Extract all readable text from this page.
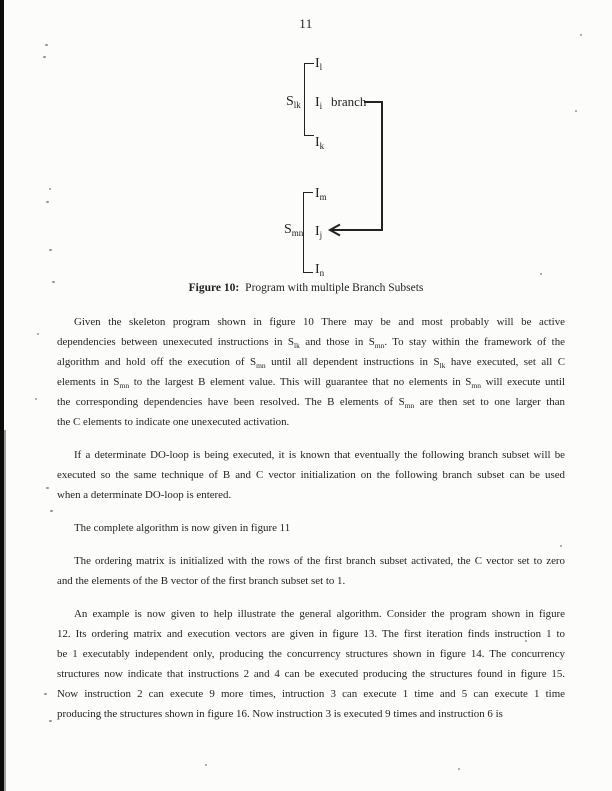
11
$S_{lk}$
$I_l$
$I_i$
$I_k$
branch
$S_{mn}$
$I_m$
$I_j$
$I_n$
Figure 10: Program with multiple Branch Subsets
Given the skeleton program shown in figure 10 There may be and most probably will be active
dependencies between unexecuted instructions in $S_{lk}$ and those in $S_{mn}$. To stay within the framework of the
algorithm and hold off the execution of $S_{mn}$ until all dependent instructions in $S_{lk}$ have executed, set all C
elements in $S_{mn}$ to the largest B element value. This will guarantee that no elements in $S_{mn}$ will execute until
the corresponding dependencies have been resolved. The B elements of $S_{mn}$ are then set to one larger than
the C elements to indicate one unexecuted activation.
If a determinate DO-loop is being executed, it is known that eventually the following branch subset will be
executed so the same technique of B and C vector initialization on the following branch subset can be used
when a determinate DO-loop is entered.
The complete algorithm is now given in figure 11
The ordering matrix is initialized with the rows of the first branch subset activated, the C vector set to zero
and the elements of the B vector of the first branch subset set to 1.
An example is now given to help illustrate the general algorithm. Consider the program shown in figure
12. Its ordering matrix and execution vectors are given in figure 13. The first iteration finds instruction 1 to
be 1 executably independent only, producing the concurrency structures shown in figure 14. The concurrency
structures now indicate that instructions 2 and 4 can be executed producing the structures found in figure 15.
Now instruction 2 can execute 9 more times, intruction 3 can execute 1 time and 5 can execute 1 time
producing the structures shown in figure 16. Now instruction 3 is executed 9 times and instruction 6 is
